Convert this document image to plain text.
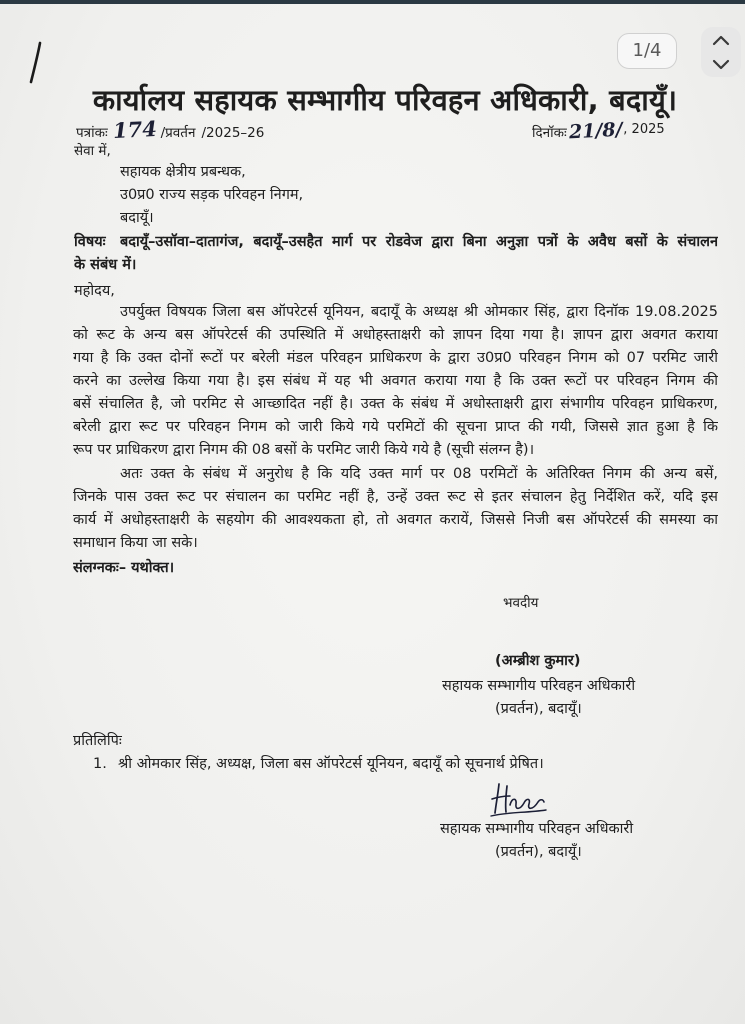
1/4
कार्यालय सहायक सम्भागीय परिवहन अधिकारी, बदायूँ।
पत्रांकः 174 /प्रवर्तन /2025–26	दिनॉकः 21/8/ , 2025
सेवा में,
सहायक क्षेत्रीय प्रबन्धक,
उ0प्र0 राज्य सड़क परिवहन निगम,
बदायूँ।
विषयः बदायूँ–उसॉवा–दातागंज, बदायूँ–उसहैत मार्ग पर रोडवेज द्वारा बिना अनुज्ञा पत्रों के अवैध बसों के संचालन
के संबंध में।
महोदय,
उपर्युक्त विषयक जिला बस ऑपरेटर्स यूनियन, बदायूँ के अध्यक्ष श्री ओमकार सिंह, द्वारा दिनॉक 19.08.2025
को रूट के अन्य बस ऑपरेटर्स की उपस्थिति में अधोहस्ताक्षरी को ज्ञापन दिया गया है। ज्ञापन द्वारा अवगत कराया
गया है कि उक्त दोनों रूटों पर बरेली मंडल परिवहन प्राधिकरण के द्वारा उ0प्र0 परिवहन निगम को 07 परमिट जारी
करने का उल्लेख किया गया है। इस संबंध में यह भी अवगत कराया गया है कि उक्त रूटों पर परिवहन निगम की
बसें संचालित है, जो परमिट से आच्छादित नहीं है। उक्त के संबंध में अधोस्ताक्षरी द्वारा संभागीय परिवहन प्राधिकरण,
बरेली द्वारा रूट पर परिवहन निगम को जारी किये गये परमिटों की सूचना प्राप्त की गयी, जिससे ज्ञात हुआ है कि
रूप पर प्राधिकरण द्वारा निगम की 08 बसों के परमिट जारी किये गये है (सूची संलग्न है)।
अतः उक्त के संबंध में अनुरोध है कि यदि उक्त मार्ग पर 08 परमिटों के अतिरिक्त निगम की अन्य बसें,
जिनके पास उक्त रूट पर संचालन का परमिट नहीं है, उन्हें उक्त रूट से इतर संचालन हेतु निर्देशित करें, यदि इस
कार्य में अधोहस्ताक्षरी के सहयोग की आवश्यकता हो, तो अवगत करायें, जिससे निजी बस ऑपरेटर्स की समस्या का
समाधान किया जा सके।
संलग्नकः– यथोक्त।
भवदीय
(अम्ब्रीश कुमार)
सहायक सम्भागीय परिवहन अधिकारी
(प्रवर्तन), बदायूँ।
प्रतिलिपिः
1. श्री ओमकार सिंह, अध्यक्ष, जिला बस ऑपरेटर्स यूनियन, बदायूँ को सूचनार्थ प्रेषित।
सहायक सम्भागीय परिवहन अधिकारी
(प्रवर्तन), बदायूँ।
